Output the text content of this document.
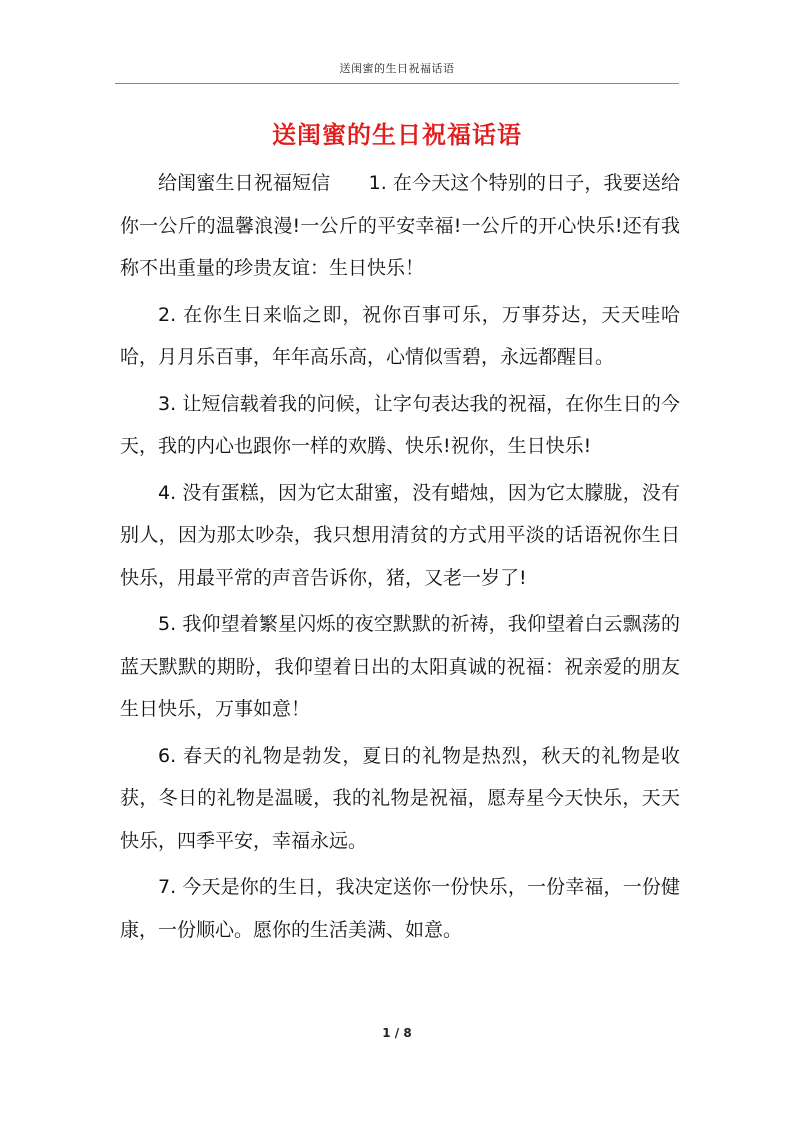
送闺蜜的生日祝福话语
送闺蜜的生日祝福话语

给闺蜜生日祝福短信　　1. 在今天这个特别的日子，我要送给你一公斤的温馨浪漫!一公斤的平安幸福!一公斤的开心快乐!还有我称不出重量的珍贵友谊：生日快乐！

2. 在你生日来临之即，祝你百事可乐，万事芬达，天天哇哈哈，月月乐百事，年年高乐高，心情似雪碧，永远都醒目。

3. 让短信载着我的问候，让字句表达我的祝福，在你生日的今天，我的内心也跟你一样的欢腾、快乐!祝你，生日快乐!

4. 没有蛋糕，因为它太甜蜜，没有蜡烛，因为它太朦胧，没有别人，因为那太吵杂，我只想用清贫的方式用平淡的话语祝你生日快乐，用最平常的声音告诉你，猪，又老一岁了!

5. 我仰望着繁星闪烁的夜空默默的祈祷，我仰望着白云飘荡的蓝天默默的期盼，我仰望着日出的太阳真诚的祝福：祝亲爱的朋友生日快乐，万事如意！

6. 春天的礼物是勃发，夏日的礼物是热烈，秋天的礼物是收获，冬日的礼物是温暖，我的礼物是祝福，愿寿星今天快乐，天天快乐，四季平安，幸福永远。

7. 今天是你的生日，我决定送你一份快乐，一份幸福，一份健康，一份顺心。愿你的生活美满、如意。

1 / 8
